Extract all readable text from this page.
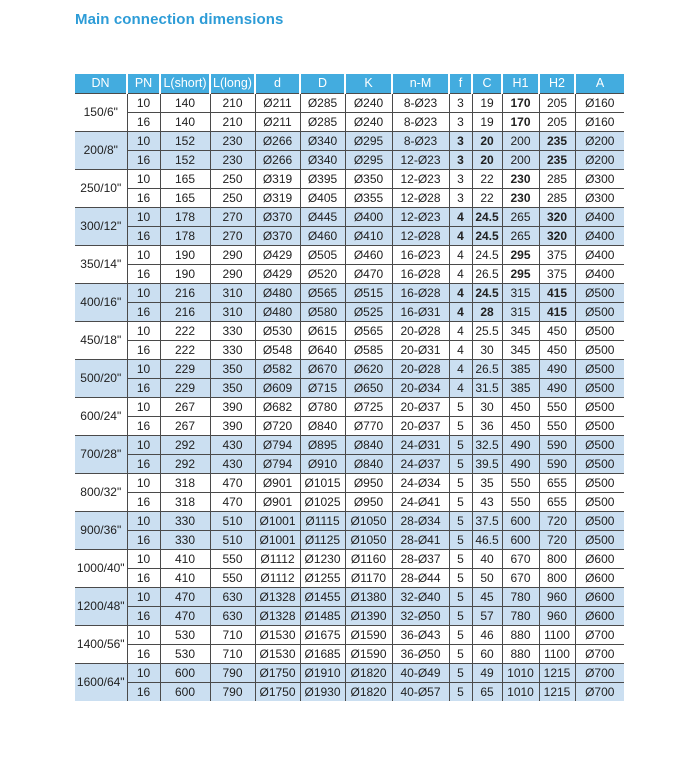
Main connection dimensions
DN	PN	L(short)	L(long)	d	D	K	n-M	f	C	H1	H2	A
150/6"	10	140	210	Ø211	Ø285	Ø240	8-Ø23	3	19	170	205	Ø160
	16	140	210	Ø211	Ø285	Ø240	8-Ø23	3	19	170	205	Ø160
200/8"	10	152	230	Ø266	Ø340	Ø295	8-Ø23	3	20	200	235	Ø200
	16	152	230	Ø266	Ø340	Ø295	12-Ø23	3	20	200	235	Ø200
250/10"	10	165	250	Ø319	Ø395	Ø350	12-Ø23	3	22	230	285	Ø300
	16	165	250	Ø319	Ø405	Ø355	12-Ø28	3	22	230	285	Ø300
300/12"	10	178	270	Ø370	Ø445	Ø400	12-Ø23	4	24.5	265	320	Ø400
	16	178	270	Ø370	Ø460	Ø410	12-Ø28	4	24.5	265	320	Ø400
350/14"	10	190	290	Ø429	Ø505	Ø460	16-Ø23	4	24.5	295	375	Ø400
	16	190	290	Ø429	Ø520	Ø470	16-Ø28	4	26.5	295	375	Ø400
400/16"	10	216	310	Ø480	Ø565	Ø515	16-Ø28	4	24.5	315	415	Ø500
	16	216	310	Ø480	Ø580	Ø525	16-Ø31	4	28	315	415	Ø500
450/18"	10	222	330	Ø530	Ø615	Ø565	20-Ø28	4	25.5	345	450	Ø500
	16	222	330	Ø548	Ø640	Ø585	20-Ø31	4	30	345	450	Ø500
500/20"	10	229	350	Ø582	Ø670	Ø620	20-Ø28	4	26.5	385	490	Ø500
	16	229	350	Ø609	Ø715	Ø650	20-Ø34	4	31.5	385	490	Ø500
600/24"	10	267	390	Ø682	Ø780	Ø725	20-Ø37	5	30	450	550	Ø500
	16	267	390	Ø720	Ø840	Ø770	20-Ø37	5	36	450	550	Ø500
700/28"	10	292	430	Ø794	Ø895	Ø840	24-Ø31	5	32.5	490	590	Ø500
	16	292	430	Ø794	Ø910	Ø840	24-Ø37	5	39.5	490	590	Ø500
800/32"	10	318	470	Ø901	Ø1015	Ø950	24-Ø34	5	35	550	655	Ø500
	16	318	470	Ø901	Ø1025	Ø950	24-Ø41	5	43	550	655	Ø500
900/36"	10	330	510	Ø1001	Ø1115	Ø1050	28-Ø34	5	37.5	600	720	Ø500
	16	330	510	Ø1001	Ø1125	Ø1050	28-Ø41	5	46.5	600	720	Ø500
1000/40"	10	410	550	Ø1112	Ø1230	Ø1160	28-Ø37	5	40	670	800	Ø600
	16	410	550	Ø1112	Ø1255	Ø1170	28-Ø44	5	50	670	800	Ø600
1200/48"	10	470	630	Ø1328	Ø1455	Ø1380	32-Ø40	5	45	780	960	Ø600
	16	470	630	Ø1328	Ø1485	Ø1390	32-Ø50	5	57	780	960	Ø600
1400/56"	10	530	710	Ø1530	Ø1675	Ø1590	36-Ø43	5	46	880	1100	Ø700
	16	530	710	Ø1530	Ø1685	Ø1590	36-Ø50	5	60	880	1100	Ø700
1600/64"	10	600	790	Ø1750	Ø1910	Ø1820	40-Ø49	5	49	1010	1215	Ø700
	16	600	790	Ø1750	Ø1930	Ø1820	40-Ø57	5	65	1010	1215	Ø700
